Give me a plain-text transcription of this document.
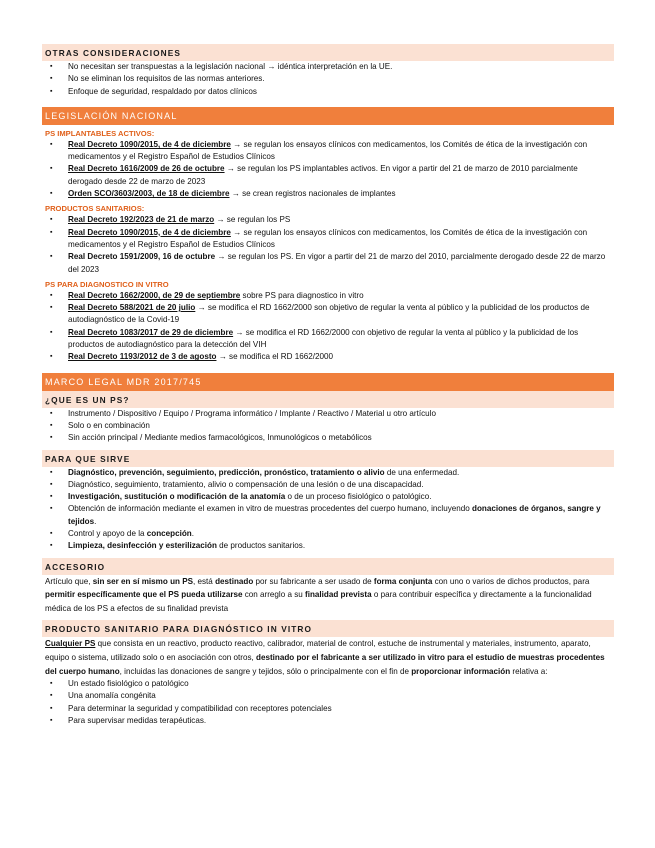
OTRAS CONSIDERACIONES
▪ No necesitan ser transpuestas a la legislación nacional → idéntica interpretación en la UE.
▪ No se eliminan los requisitos de las normas anteriores.
▪ Enfoque de seguridad, respaldado por datos clínicos
LEGISLACIÓN NACIONAL
PS IMPLANTABLES ACTIVOS:
▪ Real Decreto 1090/2015, de 4 de diciembre → se regulan los ensayos clínicos con medicamentos, los Comités de ética de la investigación con medicamentos y el Registro Español de Estudios Clínicos
▪ Real Decreto 1616/2009 de 26 de octubre → se regulan los PS implantables activos. En vigor a partir del 21 de marzo de 2010 parcialmente derogado desde 22 de marzo de 2023
▪ Orden SCO/3603/2003, de 18 de diciembre → se crean registros nacionales de implantes
PRODUCTOS SANITARIOS:
▪ Real Decreto 192/2023 de 21 de marzo → se regulan los PS
▪ Real Decreto 1090/2015, de 4 de diciembre → se regulan los ensayos clínicos con medicamentos, los Comités de ética de la investigación con medicamentos y el Registro Español de Estudios Clínicos
▪ Real Decreto 1591/2009, 16 de octubre → se regulan los PS. En vigor a partir del 21 de marzo del 2010, parcialmente derogado desde 22 de marzo del 2023
PS PARA DIAGNOSTICO IN VITRO
▪ Real Decreto 1662/2000, de 29 de septiembre sobre PS para diagnostico in vitro
▪ Real Decreto 588/2021 de 20 julio → se modifica el RD 1662/2000 son objetivo de regular la venta al público y la publicidad de los productos de autodiagnóstico de la Covid-19
▪ Real Decreto 1083/2017 de 29 de diciembre → se modifica el RD 1662/2000 con objetivo de regular la venta al público y la publicidad de los productos de autodiagnóstico para la detección del VIH
▪ Real Decreto 1193/2012 de 3 de agosto → se modifica el RD 1662/2000
MARCO LEGAL MDR 2017/745
¿QUE ES UN PS?
▪ Instrumento / Dispositivo / Equipo / Programa informático / Implante / Reactivo / Material u otro artículo
▪ Solo o en combinación
▪ Sin acción principal / Mediante medios farmacológicos, Inmunológicos o metabólicos
PARA QUE SIRVE
▪ Diagnóstico, prevención, seguimiento, predicción, pronóstico, tratamiento o alivio de una enfermedad.
▪ Diagnóstico, seguimiento, tratamiento, alivio o compensación de una lesión o de una discapacidad.
▪ Investigación, sustitución o modificación de la anatomía o de un proceso fisiológico o patológico.
▪ Obtención de información mediante el examen in vitro de muestras procedentes del cuerpo humano, incluyendo donaciones de órganos, sangre y tejidos.
▪ Control y apoyo de la concepción.
▪ Limpieza, desinfección y esterilización de productos sanitarios.
ACCESORIO
Artículo que, sin ser en sí mismo un PS, está destinado por su fabricante a ser usado de forma conjunta con uno o varios de dichos productos, para permitir específicamente que el PS pueda utilizarse con arreglo a su finalidad prevista o para contribuir específica y directamente a la funcionalidad médica de los PS a efectos de su finalidad prevista
PRODUCTO SANITARIO PARA DIAGNÓSTICO IN VITRO
Cualquier PS que consista en un reactivo, producto reactivo, calibrador, material de control, estuche de instrumental y materiales, instrumento, aparato, equipo o sistema, utilizado solo o en asociación con otros, destinado por el fabricante a ser utilizado in vitro para el estudio de muestras procedentes del cuerpo humano, incluidas las donaciones de sangre y tejidos, sólo o principalmente con el fin de proporcionar información relativa a:
▪ Un estado fisiológico o patológico
▪ Una anomalía congénita
▪ Para determinar la seguridad y compatibilidad con receptores potenciales
▪ Para supervisar medidas terapéuticas.
